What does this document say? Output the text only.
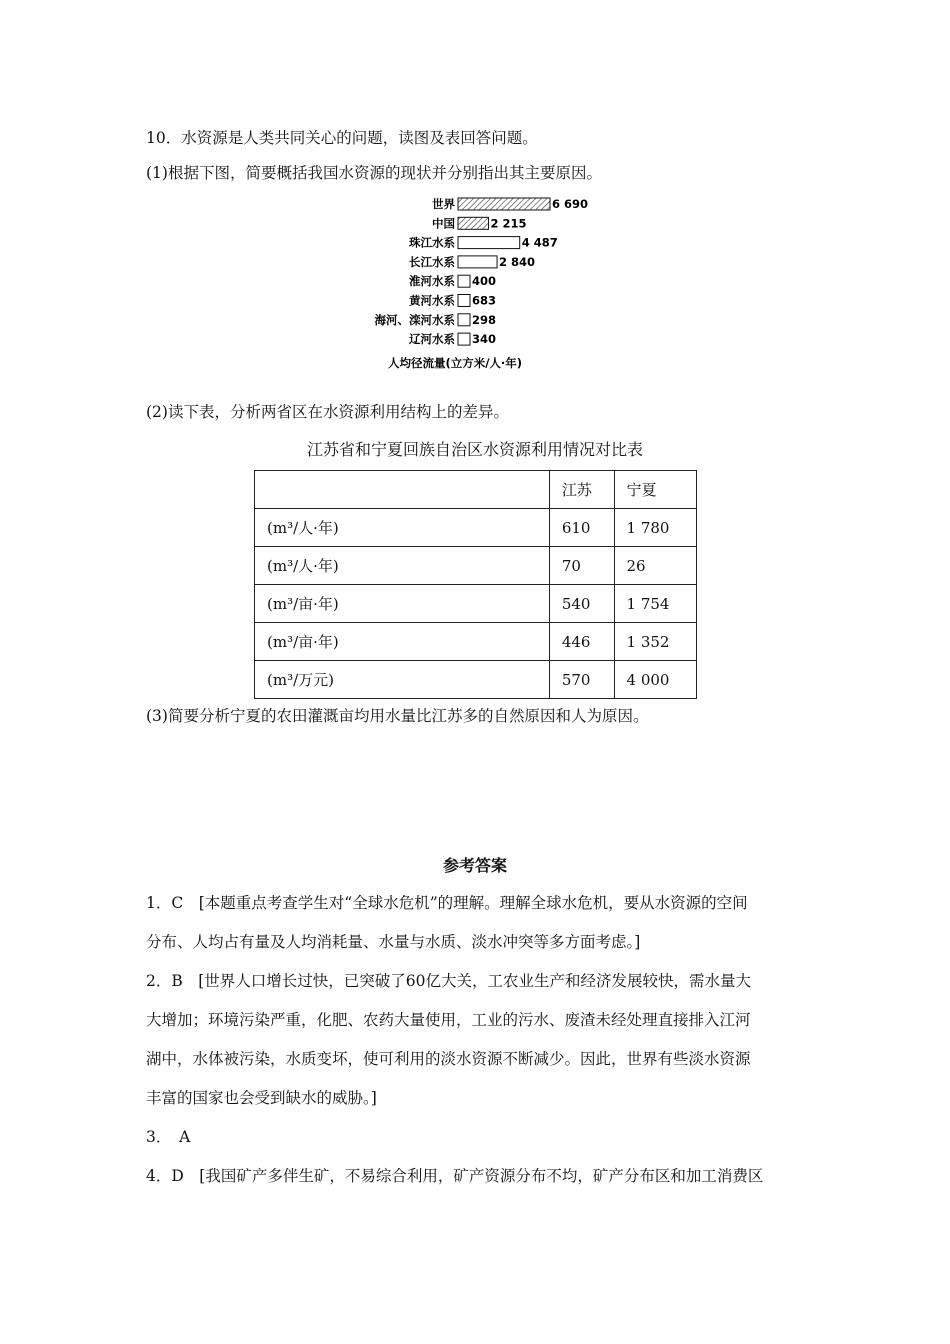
10．水资源是人类共同关心的问题，读图及表回答问题。
(1)根据下图，简要概括我国水资源的现状并分别指出其主要原因。
世界	6 690
中国	2 215
珠江水系	4 487
长江水系	2 840
淮河水系 400
黄河水系 683
海河、滦河水系 298
辽河水系 340
人均径流量(立方米/人·年)
(2)读下表，分析两省区在水资源利用结构上的差异。
江苏省和宁夏回族自治区水资源利用情况对比表
	江苏	宁夏
(m³/人·年)	610	1 780
(m³/人·年)	70	26
(m³/亩·年)	540	1 754
(m³/亩·年)	446	1 352
(m³/万元)	570	4 000
(3)简要分析宁夏的农田灌溉亩均用水量比江苏多的自然原因和人为原因。
参考答案
1．C　[本题重点考查学生对“全球水危机”的理解。理解全球水危机，要从水资源的空间
分布、人均占有量及人均消耗量、水量与水质、淡水冲突等多方面考虑。]
2．B　[世界人口增长过快，已突破了60亿大关，工农业生产和经济发展较快，需水量大
大增加；环境污染严重，化肥、农药大量使用，工业的污水、废渣未经处理直接排入江河
湖中，水体被污染，水质变坏，使可利用的淡水资源不断减少。因此，世界有些淡水资源
丰富的国家也会受到缺水的威胁。]
3．　A
4．D　[我国矿产多伴生矿，不易综合利用，矿产资源分布不均，矿产分布区和加工消费区
